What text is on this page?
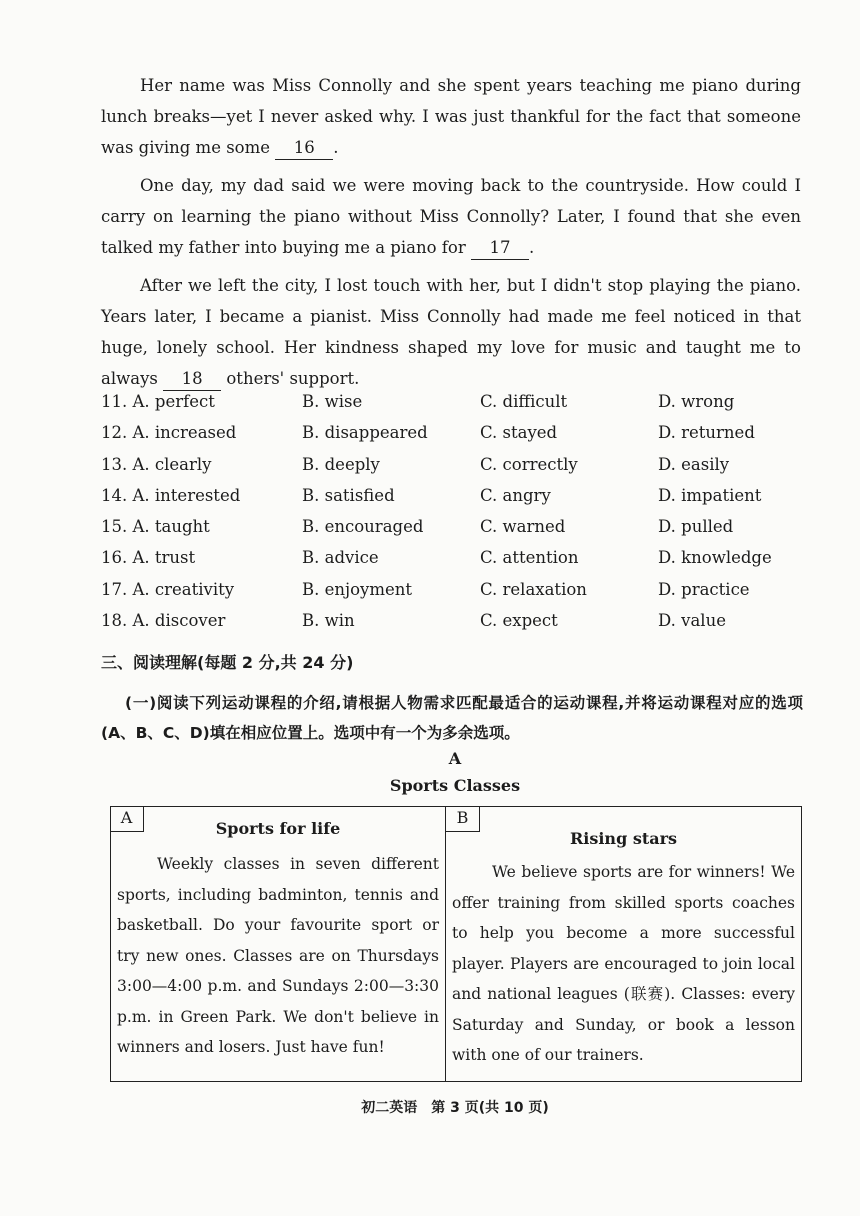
Her name was Miss Connolly and she spent years teaching me piano during lunch breaks—yet I never asked why. I was just thankful for the fact that someone was giving me some 16 .
One day, my dad said we were moving back to the countryside. How could I carry on learning the piano without Miss Connolly? Later, I found that she even talked my father into buying me a piano for 17 .
After we left the city, I lost touch with her, but I didn't stop playing the piano. Years later, I became a pianist. Miss Connolly had made me feel noticed in that huge, lonely school. Her kindness shaped my love for music and taught me to always 18 others' support.
11. A. perfect	B. wise	C. difficult	D. wrong
12. A. increased	B. disappeared	C. stayed	D. returned
13. A. clearly	B. deeply	C. correctly	D. easily
14. A. interested	B. satisfied	C. angry	D. impatient
15. A. taught	B. encouraged	C. warned	D. pulled
16. A. trust	B. advice	C. attention	D. knowledge
17. A. creativity	B. enjoyment	C. relaxation	D. practice
18. A. discover	B. win	C. expect	D. value
三、阅读理解(每题 2 分,共 24 分)
(一)阅读下列运动课程的介绍,请根据人物需求匹配最适合的运动课程,并将运动课程对应的选项(A、B、C、D)填在相应位置上。选项中有一个为多余选项。
A
Sports Classes
A
Sports for life
Weekly classes in seven different sports, including badminton, tennis and basketball. Do your favourite sport or try new ones. Classes are on Thursdays 3:00—4:00 p.m. and Sundays 2:00—3:30 p.m. in Green Park. We don't believe in winners and losers. Just have fun!
B
Rising stars
We believe sports are for winners! We offer training from skilled sports coaches to help you become a more successful player. Players are encouraged to join local and national leagues (联赛). Classes: every Saturday and Sunday, or book a lesson with one of our trainers.
初二英语　第 3 页(共 10 页)
